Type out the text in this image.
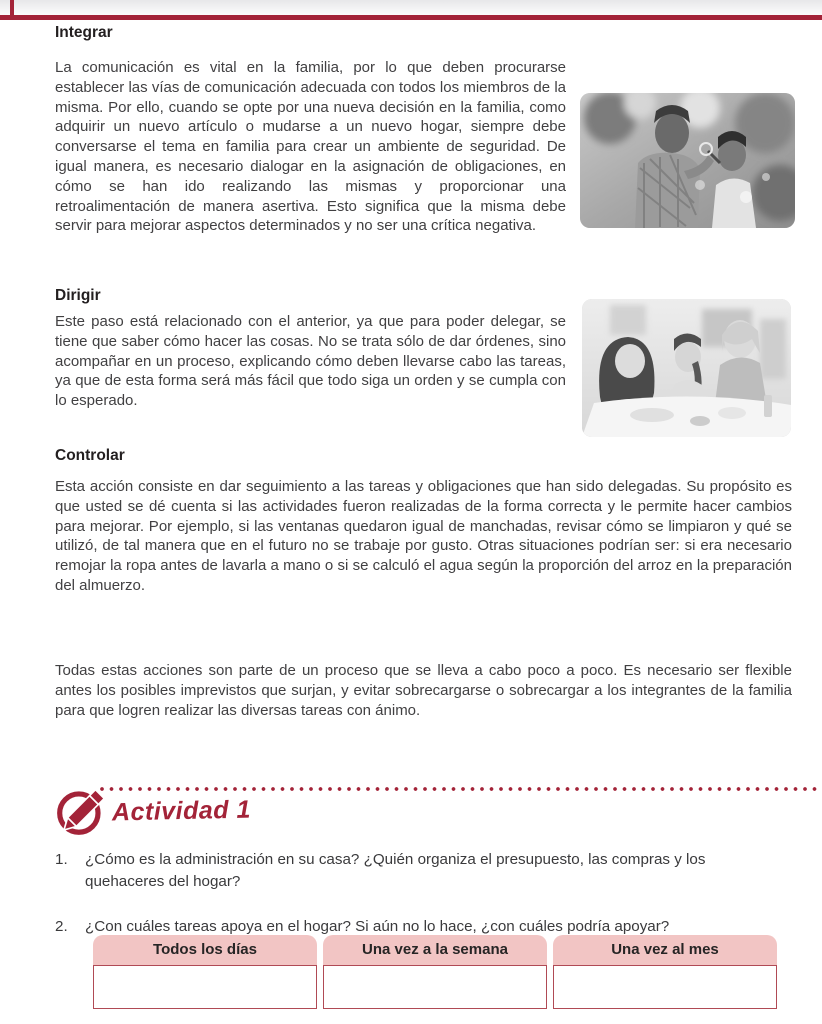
Integrar

La comunicación es vital en la familia, por lo que deben procurarse establecer las vías de comunicación adecuada con todos los miembros de la misma. Por ello, cuando se opte por una nueva decisión en la familia, como adquirir un nuevo artículo o mudarse a un nuevo hogar, siempre debe conversarse el tema en familia para crear un ambiente de seguridad. De igual manera, es necesario dialogar en la asignación de obligaciones, en cómo se han ido realizando las mismas y proporcionar una retroalimentación de manera asertiva. Esto significa que la misma debe servir para mejorar aspectos determinados y no ser una crítica negativa.

Dirigir

Este paso está relacionado con el anterior, ya que para poder delegar, se tiene que saber cómo hacer las cosas. No se trata sólo de dar órdenes, sino acompañar en un proceso, explicando cómo deben llevarse cabo las tareas, ya que de esta forma será más fácil que todo siga un orden y se cumpla con lo esperado.

Controlar

Esta acción consiste en dar seguimiento a las tareas y obligaciones que han sido delegadas. Su propósito es que usted se dé cuenta si las actividades fueron realizadas de la forma correcta y le permite hacer cambios para mejorar. Por ejemplo, si las ventanas quedaron igual de manchadas, revisar cómo se limpiaron y qué se utilizó, de tal manera que en el futuro no se trabaje por gusto. Otras situaciones podrían ser: si era necesario remojar la ropa antes de lavarla a mano o si se calculó el agua según la proporción del arroz en la preparación del almuerzo.

Todas estas acciones son parte de un proceso que se lleva a cabo poco a poco. Es necesario ser flexible antes los posibles imprevistos que surjan, y evitar sobrecargarse o sobrecargar a los integrantes de la familia para que logren realizar las diversas tareas con ánimo.

Actividad 1
1.	¿Cómo es la administración en su casa? ¿Quién organiza el presupuesto, las compras y los quehaceres del hogar?
2.	¿Con cuáles tareas apoya en el hogar? Si aún no lo hace, ¿con cuáles podría apoyar?
Todos los días	Una vez a la semana	Una vez al mes
